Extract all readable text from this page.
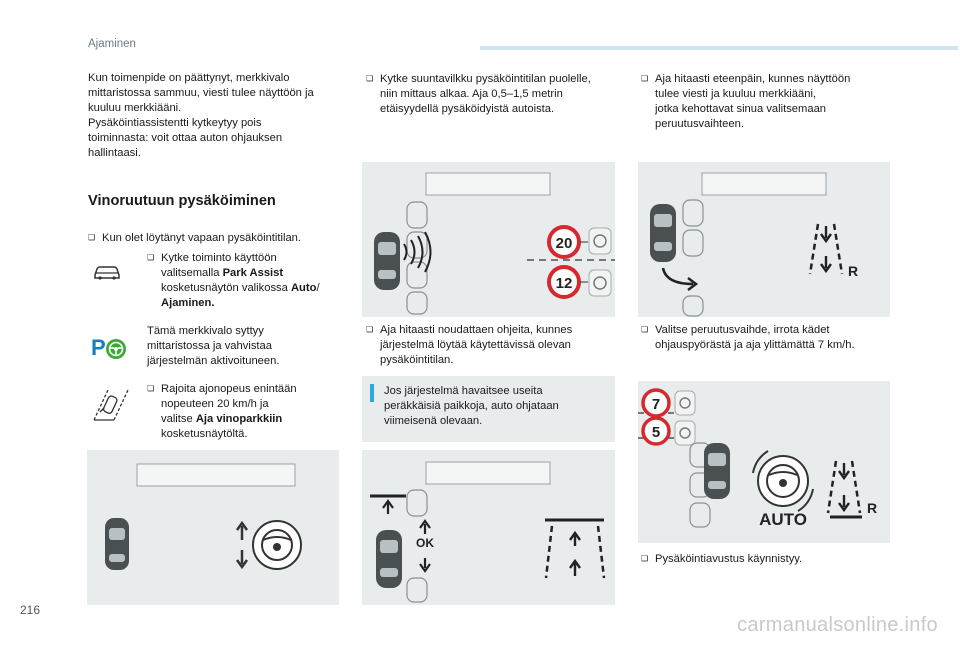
Ajaminen
Kun toimenpide on päättynyt, merkkivalo
mittaristossa sammuu, viesti tulee näyttöön ja
kuuluu merkkiääni.
Pysäköintiassistentti kytkeytyy pois
toiminnasta: voit ottaa auton ohjauksen
hallintaasi.
Vinoruutuun pysäköiminen
❏ Kun olet löytänyt vapaan pysäköintitilan.
❏ Kytke toiminto käyttöön
valitsemalla Park Assist
kosketusnäytön valikossa Auto/
Ajaminen.
P
Tämä merkkivalo syttyy
mittaristossa ja vahvistaa
järjestelmän aktivoituneen.
❏ Rajoita ajonopeus enintään
nopeuteen 20 km/h ja
valitse Aja vinoparkkiin
kosketusnäytöltä.
❏ Kytke suuntavilkku pysäköintitilan puolelle,
niin mittaus alkaa. Aja 0,5–1,5 metrin
etäisyydellä pysäköidyistä autoista.
20
12
❏ Aja hitaasti noudattaen ohjeita, kunnes
järjestelmä löytää käytettävissä olevan
pysäköintitilan.
Jos järjestelmä havaitsee useita
peräkkäisiä paikkoja, auto ohjataan
viimeisenä olevaan.
OK
❏ Aja hitaasti eteenpäin, kunnes näyttöön
tulee viesti ja kuuluu merkkiääni,
jotka kehottavat sinua valitsemaan
peruutusvaihteen.
R
❏ Valitse peruutusvaihde, irrota kädet
ohjauspyörästä ja aja ylittämättä 7 km/h.
7
5
AUTO
R
❏ Pysäköintiavustus käynnistyy.
216
carmanualsonline.info
